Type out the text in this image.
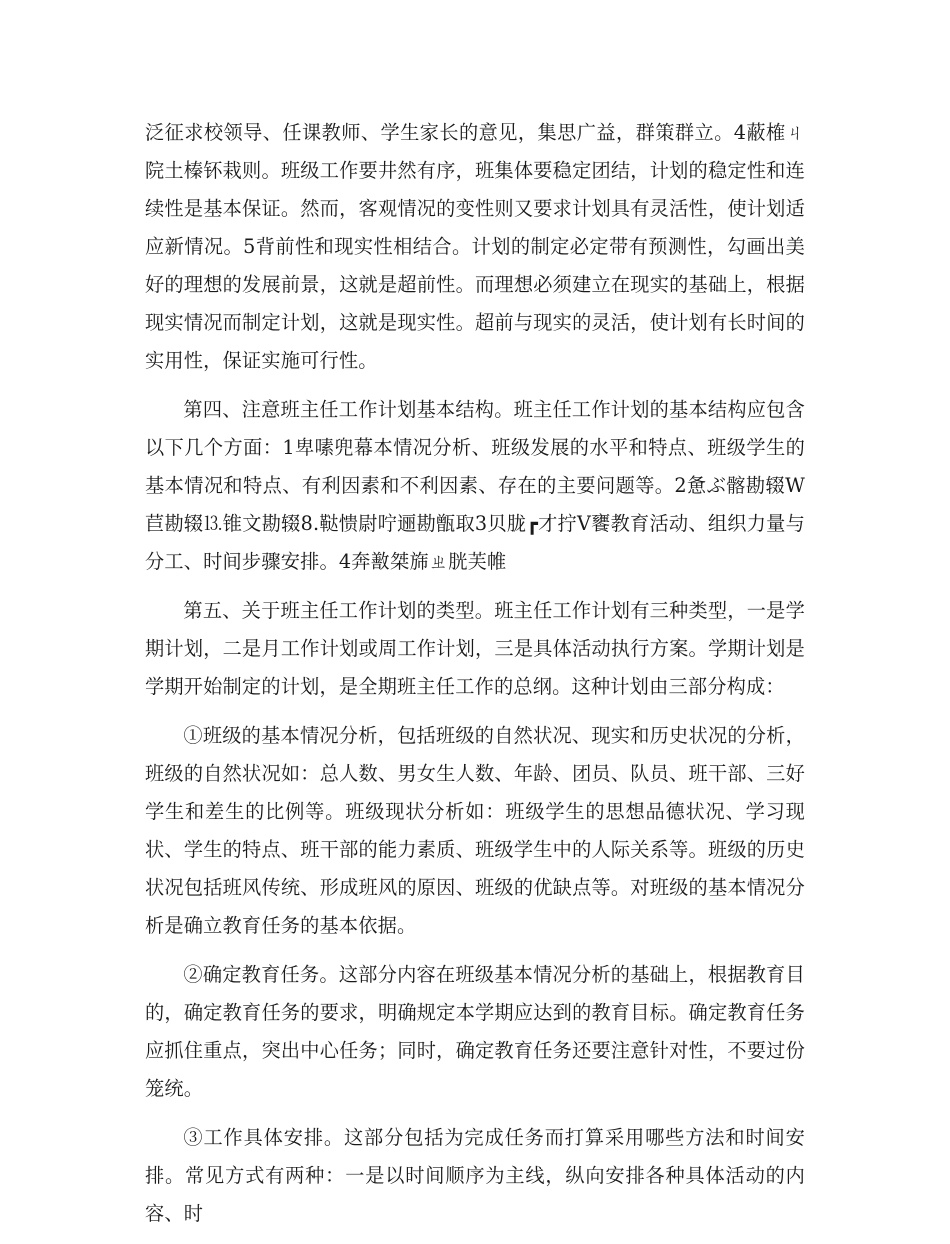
泛征求校领导、任课教师、学生家长的意见，集思广益，群策群立。4蔽榷ㄐ院土榛钚栽则。班级工作要井然有序，班集体要稳定团结，计划的稳定性和连续性是基本保证。然而，客观情况的变性则又要求计划具有灵活性，使计划适应新情况。5背前性和现实性相结合。计划的制定必定带有预测性，勾画出美好的理想的发展前景，这就是超前性。而理想必须建立在现实的基础上，根据现实情况而制定计划，这就是现实性。超前与现实的灵活，使计划有长时间的实用性，保证实施可行性。

第四、注意班主任工作计划基本结构。班主任工作计划的基本结构应包含以下几个方面：1卑嗉兜幕本情况分析、班级发展的水平和特点、班级学生的基本情况和特点、有利因素和不利因素、存在的主要问题等。2惫ぶ髂勘辍W苣勘辍⒔锥文勘辍8.鞑愦尉咛逦勘甑取3贝胧┏才拧Ⅴ饔教育活动、组织力量与分工、时间步骤安排。4奔敾桀旆ㄓ胱芙帷

第五、关于班主任工作计划的类型。班主任工作计划有三种类型，一是学期计划，二是月工作计划或周工作计划，三是具体活动执行方案。学期计划是学期开始制定的计划，是全期班主任工作的总纲。这种计划由三部分构成：

①班级的基本情况分析，包括班级的自然状况、现实和历史状况的分析，班级的自然状况如：总人数、男女生人数、年龄、团员、队员、班干部、三好学生和差生的比例等。班级现状分析如：班级学生的思想品德状况、学习现状、学生的特点、班干部的能力素质、班级学生中的人际关系等。班级的历史状况包括班风传统、形成班风的原因、班级的优缺点等。对班级的基本情况分析是确立教育任务的基本依据。

②确定教育任务。这部分内容在班级基本情况分析的基础上，根据教育目的，确定教育任务的要求，明确规定本学期应达到的教育目标。确定教育任务应抓住重点，突出中心任务；同时，确定教育任务还要注意针对性，不要过份笼统。

③工作具体安排。这部分包括为完成任务而打算采用哪些方法和时间安排。常见方式有两种：一是以时间顺序为主线，纵向安排各种具体活动的内容、时
